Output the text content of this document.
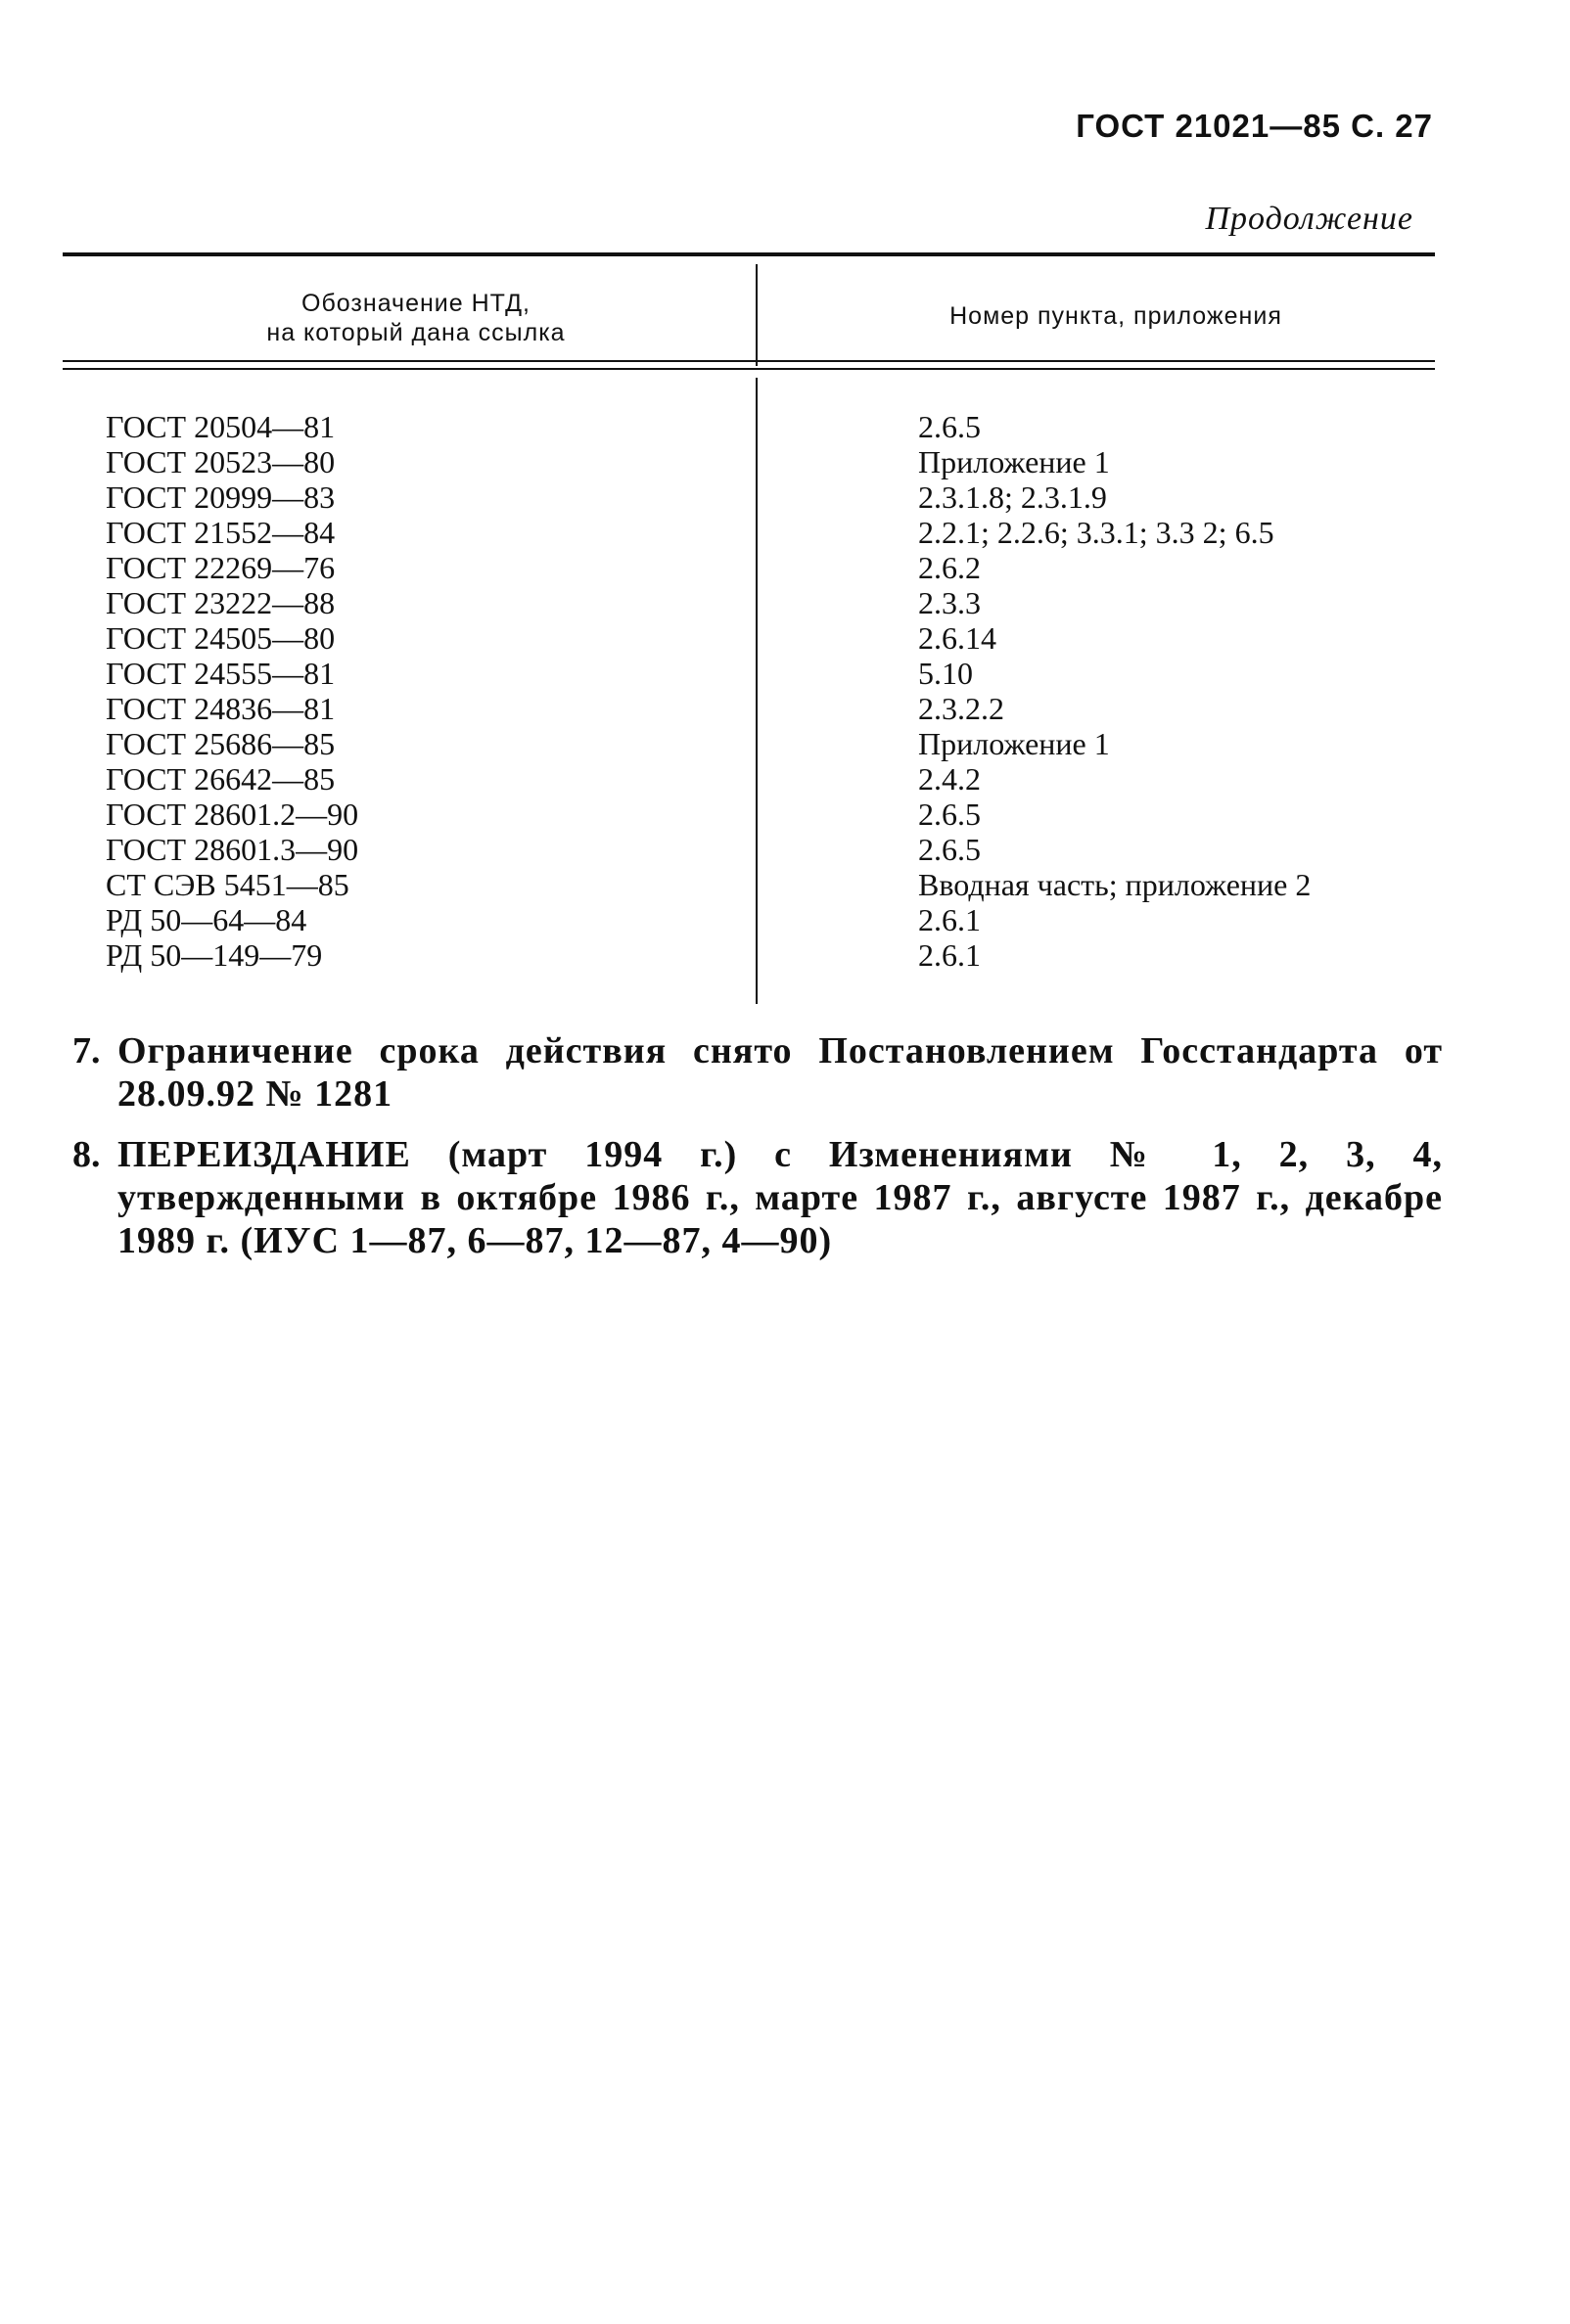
ГОСТ 21021—85 С. 27
Продолжение
Обозначение НТД,
на который дана ссылка
Номер пункта, приложения
ГОСТ 20504—81
ГОСТ 20523—80
ГОСТ 20999—83
ГОСТ 21552—84
ГОСТ 22269—76
ГОСТ 23222—88
ГОСТ 24505—80
ГОСТ 24555—81
ГОСТ 24836—81
ГОСТ 25686—85
ГОСТ 26642—85
ГОСТ 28601.2—90
ГОСТ 28601.3—90
СТ СЭВ 5451—85
РД 50—64—84
РД 50—149—79
2.6.5
Приложение 1
2.3.1.8; 2.3.1.9
2.2.1; 2.2.6; 3.3.1; 3.3 2; 6.5
2.6.2
2.3.3
2.6.14
5.10
2.3.2.2
Приложение 1
2.4.2
2.6.5
2.6.5
Вводная часть; приложение 2
2.6.1
2.6.1
7. Ограничение срока действия снято Постановлением Госстандарта от 28.09.92 № 1281
8. ПЕРЕИЗДАНИЕ (март 1994 г.) с Изменениями № 1, 2, 3, 4, утвержденными в октябре 1986 г., марте 1987 г., августе 1987 г., декабре 1989 г. (ИУС 1—87, 6—87, 12—87, 4—90)
